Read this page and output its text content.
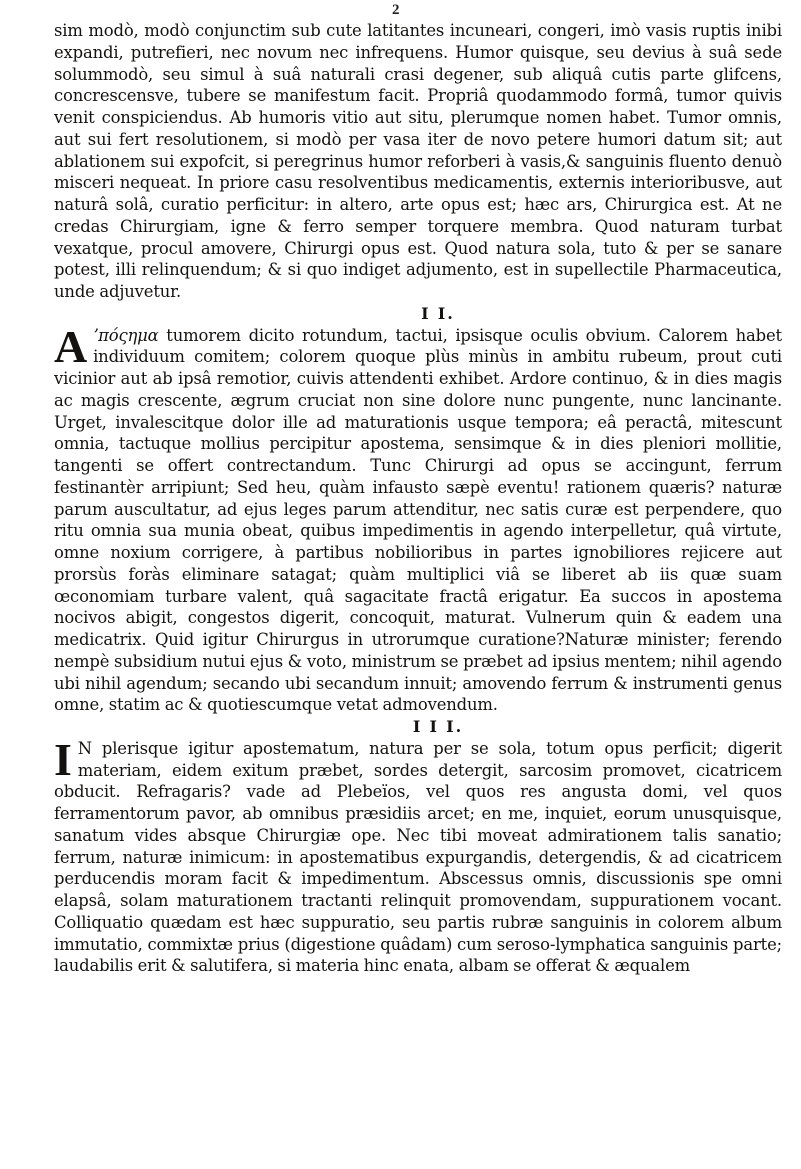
2

sim modò, modò conjunctim sub cute latitantes incuneari, congeri, imò vasis ruptis inibi expandi, putrefieri, nec novum nec infrequens. Humor quisque, seu devius à suâ sede solummodò, seu simul à suâ naturali crasi degener, sub aliquâ cutis parte glifcens, concrescensve, tubere se manifestum facit. Propriâ quodammodo formâ, tumor quivis venit conspiciendus. Ab humoris vitio aut situ, plerumque nomen habet. Tumor omnis, aut sui fert resolutionem, si modò per vasa iter de novo petere humori datum sit; aut ablationem sui expofcit, si peregrinus humor reforberi à vasis,& sanguinis fluento denuò misceri nequeat. In priore casu resolventibus medicamentis, externis interioribusve, aut naturâ solâ, curatio perficitur: in altero, arte opus est; hæc ars, Chirurgica est. At ne credas Chirurgiam, igne & ferro semper torquere membra. Quod naturam turbat vexatque, procul amovere, Chirurgi opus est. Quod natura sola, tuto & per se sanare potest, illi relinquendum; & si quo indiget adjumento, est in supellectile Pharmaceutica, unde adjuvetur.

I I.

A ʼπόςημα tumorem dicito rotundum, tactui, ipsisque oculis obvium. Calorem habet individuum comitem; colorem quoque plùs minùs in ambitu rubeum, prout cuti vicinior aut ab ipsâ remotior, cuivis attendenti exhibet. Ardore continuo, & in dies magis ac magis crescente, ægrum cruciat non sine dolore nunc pungente, nunc lancinante. Urget, invalescitque dolor ille ad maturationis usque tempora; eâ peractâ, mitescunt omnia, tactuque mollius percipitur apostema, sensimque & in dies pleniori mollitie, tangenti se offert contrectandum. Tunc Chirurgi ad opus se accingunt, ferrum festinantèr arripiunt; Sed heu, quàm infausto sæpè eventu! rationem quæris? naturæ parum auscultatur, ad ejus leges parum attenditur, nec satis curæ est perpendere, quo ritu omnia sua munia obeat, quibus impedimentis in agendo interpelletur, quâ virtute, omne noxium corrigere, à partibus nobilioribus in partes ignobiliores rejicere aut prorsùs foràs eliminare satagat; quàm multiplici viâ se liberet ab iis quæ suam œconomiam turbare valent, quâ sagacitate fractâ erigatur. Ea succos in apostema nocivos abigit, congestos digerit, concoquit, maturat. Vulnerum quin & eadem una medicatrix. Quid igitur Chirurgus in utrorumque curatione?Naturæ minister; ferendo nempè subsidium nutui ejus & voto, ministrum se præbet ad ipsius mentem; nihil agendo ubi nihil agendum; secando ubi secandum innuit; amovendo ferrum & instrumenti genus omne, statim ac & quotiescumque vetat admovendum.

I I I.

I N plerisque igitur apostematum, natura per se sola, totum opus perficit; digerit materiam, eidem exitum præbet, sordes detergit, sarcosim promovet, cicatricem obducit. Refragaris? vade ad Plebeïos, vel quos res angusta domi, vel quos ferramentorum pavor, ab omnibus præsidiis arcet; en me, inquiet, eorum unusquisque, sanatum vides absque Chirurgiæ ope. Nec tibi moveat admirationem talis sanatio; ferrum, naturæ inimicum: in apostematibus expurgandis, detergendis, & ad cicatricem perducendis moram facit & impedimentum. Abscessus omnis, discussionis spe omni elapsâ, solam maturationem tractanti relinquit promovendam, suppurationem vocant. Colliquatio quædam est hæc suppuratio, seu partis rubræ sanguinis in colorem album immutatio, commixtæ prius (digestione quâdam) cum seroso-lymphatica sanguinis parte; laudabilis erit & salutifera, si materia hinc enata, albam se offerat & æqualem
